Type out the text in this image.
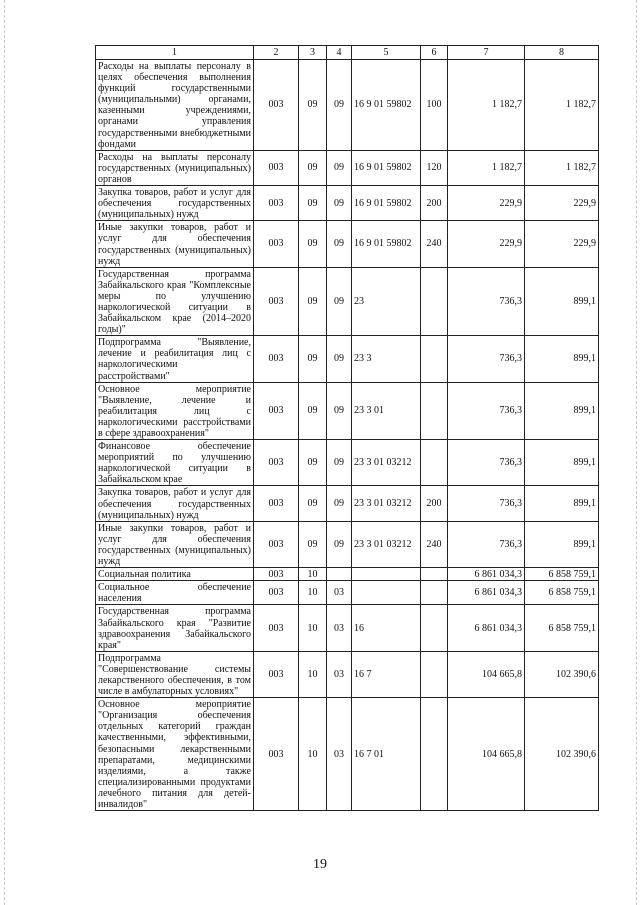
1	2	3	4	5	6	7	8
Расходы на выплаты персоналу в целях обеспечения выполнения функций государственными (муниципальными) органами, казенными учреждениями, органами управления государственными внебюджетными фондами	003	09	09	16 9 01 59802	100	1 182,7	1 182,7
Расходы на выплаты персоналу государственных (муниципальных) органов	003	09	09	16 9 01 59802	120	1 182,7	1 182,7
Закупка товаров, работ и услуг для обеспечения государственных (муниципальных) нужд	003	09	09	16 9 01 59802	200	229,9	229,9
Иные закупки товаров, работ и услуг для обеспечения государственных (муниципальных) нужд	003	09	09	16 9 01 59802	240	229,9	229,9
Государственная программа Забайкальского края "Комплексные меры по улучшению наркологической ситуации в Забайкальском крае (2014–2020 годы)"	003	09	09	23		736,3	899,1
Подпрограмма "Выявление, лечение и реабилитация лиц с наркологическими расстройствами"	003	09	09	23 3		736,3	899,1
Основное мероприятие "Выявление, лечение и реабилитация лиц с наркологическими расстройствами в сфере здравоохранения"	003	09	09	23 3 01		736,3	899,1
Финансовое обеспечение мероприятий по улучшению наркологической ситуации в Забайкальском крае	003	09	09	23 3 01 03212		736,3	899,1
Закупка товаров, работ и услуг для обеспечения государственных (муниципальных) нужд	003	09	09	23 3 01 03212	200	736,3	899,1
Иные закупки товаров, работ и услуг для обеспечения государственных (муниципальных) нужд	003	09	09	23 3 01 03212	240	736,3	899,1
Социальная политика	003	10				6 861 034,3	6 858 759,1
Социальное обеспечение населения	003	10	03			6 861 034,3	6 858 759,1
Государственная программа Забайкальского края "Развитие здравоохранения Забайкальского края"	003	10	03	16		6 861 034,3	6 858 759,1
Подпрограмма "Совершенствование системы лекарственного обеспечения, в том числе в амбулаторных условиях"	003	10	03	16 7		104 665,8	102 390,6
Основное мероприятие "Организация обеспечения отдельных категорий граждан качественными, эффективными, безопасными лекарственными препаратами, медицинскими изделиями, а также специализированными продуктами лечебного питания для детей-инвалидов"	003	10	03	16 7 01		104 665,8	102 390,6
19
